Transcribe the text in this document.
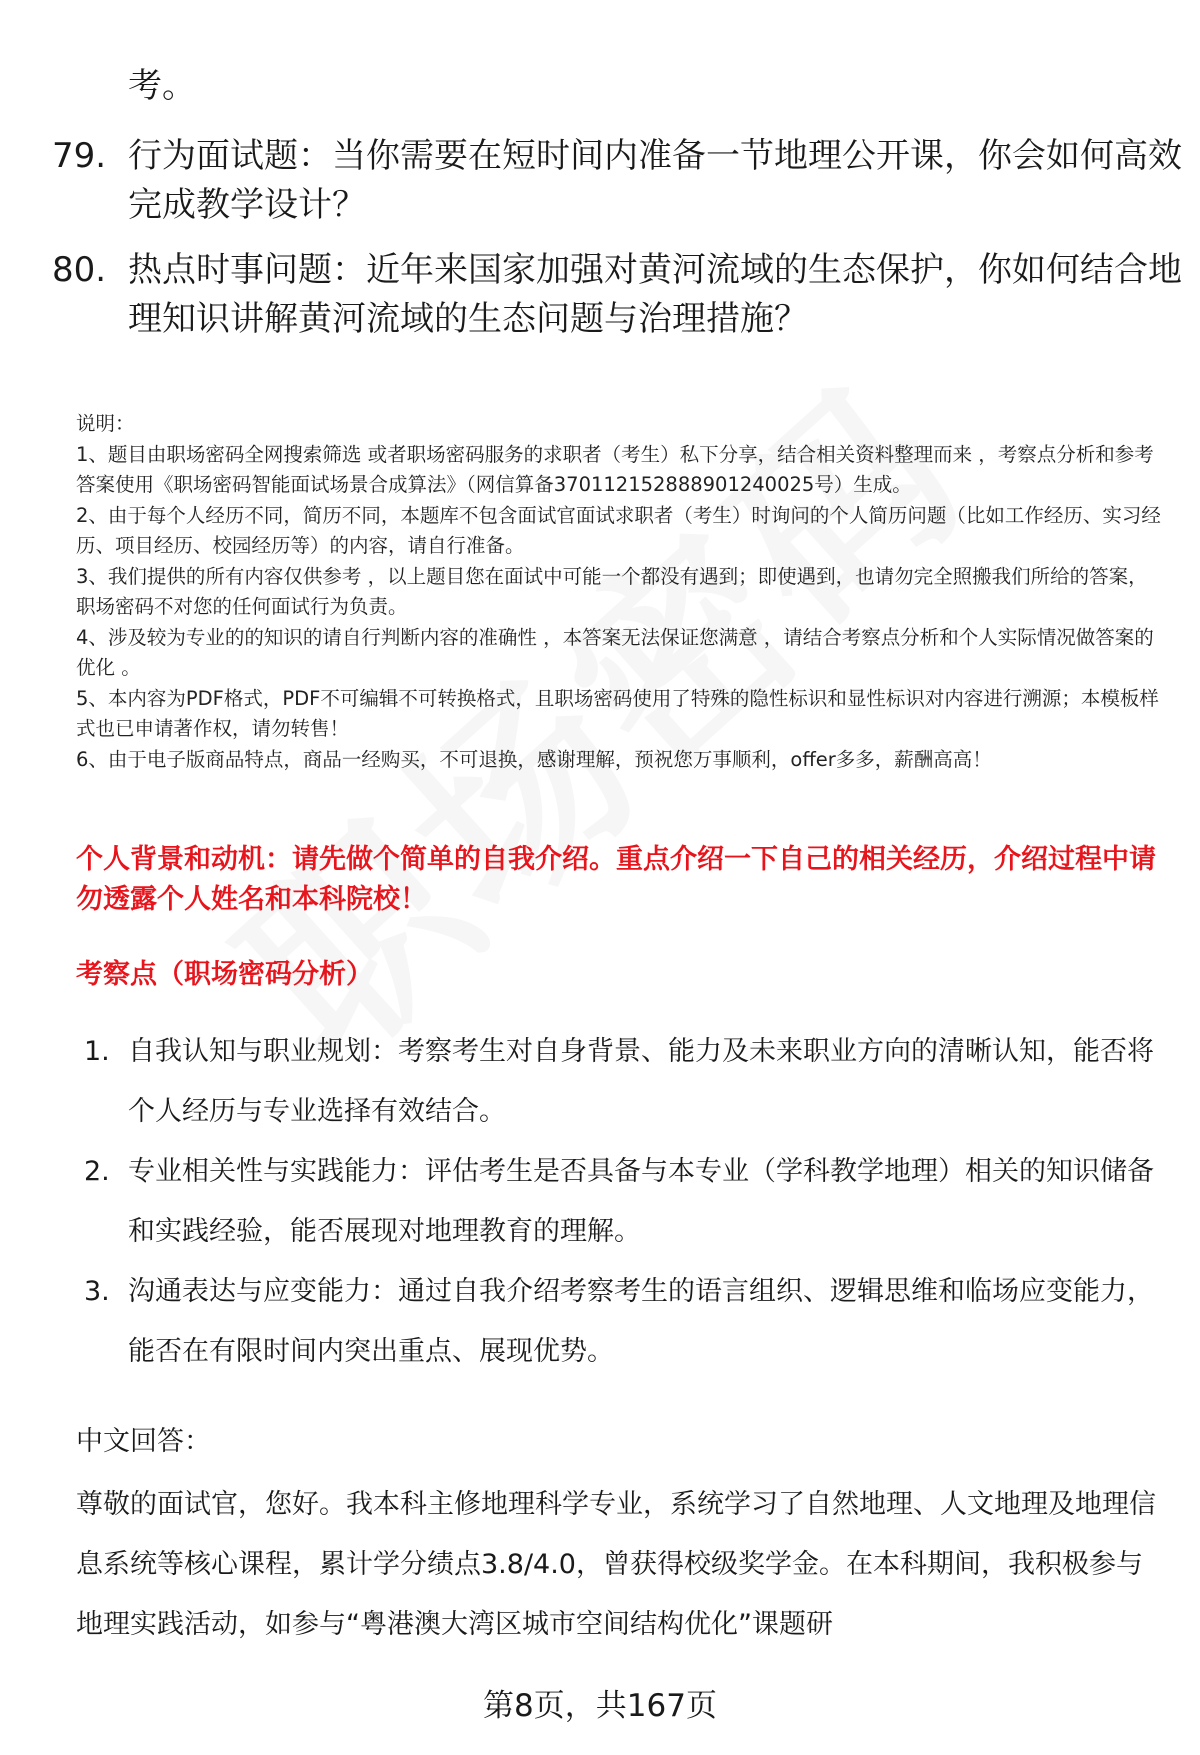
考。
79. 行为面试题：当你需要在短时间内准备一节地理公开课，你会如何高效完成教学设计？
80. 热点时事问题：近年来国家加强对黄河流域的生态保护，你如何结合地理知识讲解黄河流域的生态问题与治理措施？
说明：
1、题目由职场密码全网搜索筛选 或者职场密码服务的求职者（考生）私下分享，结合相关资料整理而来 ，考察点分析和参考答案使用《职场密码智能面试场景合成算法》（网信算备370112152888901240025号）生成。
2、由于每个人经历不同，简历不同，本题库不包含面试官面试求职者（考生）时询问的个人简历问题（比如工作经历、实习经历、项目经历、校园经历等）的内容，请自行准备。
3、我们提供的所有内容仅供参考 ，以上题目您在面试中可能一个都没有遇到；即使遇到，也请勿完全照搬我们所给的答案，职场密码不对您的任何面试行为负责。
4、涉及较为专业的的知识的请自行判断内容的准确性 ，本答案无法保证您满意 ，请结合考察点分析和个人实际情况做答案的优化 。
5、本内容为PDF格式，PDF不可编辑不可转换格式，且职场密码使用了特殊的隐性标识和显性标识对内容进行溯源；本模板样式也已申请著作权，请勿转售！
6、由于电子版商品特点，商品一经购买，不可退换，感谢理解，预祝您万事顺利，offer多多，薪酬高高！
个人背景和动机：请先做个简单的自我介绍。重点介绍一下自己的相关经历，介绍过程中请勿透露个人姓名和本科院校！
考察点（职场密码分析）
1. 自我认知与职业规划：考察考生对自身背景、能力及未来职业方向的清晰认知，能否将个人经历与专业选择有效结合。
2. 专业相关性与实践能力：评估考生是否具备与本专业（学科教学地理）相关的知识储备和实践经验，能否展现对地理教育的理解。
3. 沟通表达与应变能力：通过自我介绍考察考生的语言组织、逻辑思维和临场应变能力，能否在有限时间内突出重点、展现优势。
中文回答：
尊敬的面试官，您好。我本科主修地理科学专业，系统学习了自然地理、人文地理及地理信息系统等核心课程，累计学分绩点3.8/4.0，曾获得校级奖学金。在本科期间，我积极参与地理实践活动，如参与“粤港澳大湾区城市空间结构优化”课题研
第8页，共167页
